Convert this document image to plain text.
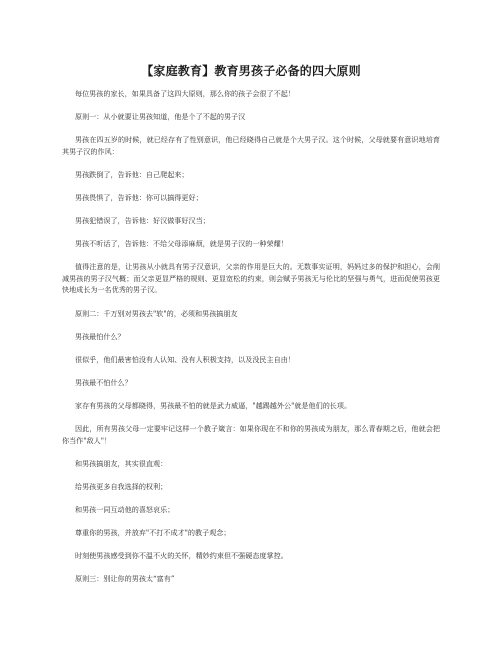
【家庭教育】教育男孩子必备的四大原则

每位男孩的家长，如果具备了这四大原则，那么你的孩子会很了不起！

原则一：从小就要让男孩知道，他是个了不起的男子汉

男孩在四五岁的时候，就已经存有了性别意识，他已经晓得自己就是个大男子汉。这个时候，父母就要有意识地培育其男子汉的作风：

男孩跌倒了，告诉他：自己爬起来；

男孩畏惧了，告诉他：你可以搞得更好；

男孩犯错误了，告诉他：好汉做事好汉当；

男孩不听话了，告诉他：不给父母添麻烦，就是男子汉的一种荣耀！

值得注意的是，让男孩从小就具有男子汉意识，父亲的作用是巨大的。无数事实证明，妈妈过多的保护和担心，会削减男孩的男子汉气概；而父亲更显严格的规则、更显宽松的约束，则会赋予男孩无与伦比的坚强与勇气，进而促使男孩更快地成长为一名优秀的男子汉。

原则二：千万别对男孩去"软"的，必须和男孩搞朋友

男孩最怕什么？

很似乎，他们最害怕没有人认知、没有人积极支持，以及没民主自由！

男孩最不怕什么？

家存有男孩的父母都晓得，男孩最不怕的就是武力威逼，"越踢越外公"就是他们的长项。

因此，所有男孩父母一定要牢记这样一个教子箴言：如果你现在不和你的男孩成为朋友，那么青春期之后，他就会把你当作"敌人"！

和男孩搞朋友，其实很直观：

给男孩更多自我选择的权利；

和男孩一同互动他的喜怒哀乐；

尊重你的男孩，并放弃"不打不成才"的教子观念；

时刻使男孩感受到你不温不火的关怀，精妙约束但不强硬态度掌控。

原则三：别让你的男孩太“富有”
